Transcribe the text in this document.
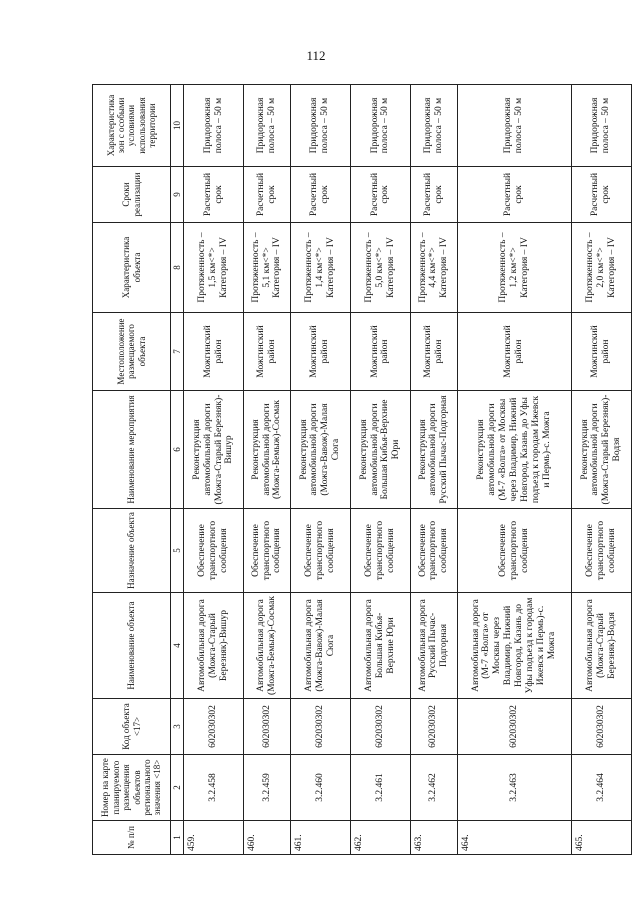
112
№ п/п	Номер на карте планируемого размещения объектов регионального значения <18>	Код объекта <17>	Наименование объекта	Назначение объекта	Наименование мероприятия	Местоположение размещаемого объекта	Характеристика объекта	Сроки реализации	Характеристика зон с особыми условиями использования территории
1	2	3	4	5	6	7	8	9	10
459.	3.2.458	602030302	Автомобильная дорога (Можга-Старый Березняк)-Вишур	Обеспечение транспортного сообщения	Реконструкция автомобильной дороги (Можга-Старый Березняк)-Вишур	Можгинский район	Протяженность – 1,5 км<*> Категория – IV	Расчетный срок	Придорожная полоса – 50 м
460.	3.2.459	602030302	Автомобильная дорога (Можга-Бемыж)-Сосмак	Обеспечение транспортного сообщения	Реконструкция автомобильной дороги (Можга-Бемыж)-Сосмак	Можгинский район	Протяженность – 5,1 км<*> Категория – IV	Расчетный срок	Придорожная полоса – 50 м
461.	3.2.460	602030302	Автомобильная дорога (Можга-Вавож)-Малая Сюга	Обеспечение транспортного сообщения	Реконструкция автомобильной дороги (Можга-Вавож)-Малая Сюга	Можгинский район	Протяженность – 1,4 км<*> Категория – IV	Расчетный срок	Придорожная полоса – 50 м
462.	3.2.461	602030302	Автомобильная дорога Большая Кибья-Верхние Юри	Обеспечение транспортного сообщения	Реконструкция автомобильной дороги Большая Кибья-Верхние Юри	Можгинский район	Протяженность – 5,0 км<*> Категория – IV	Расчетный срок	Придорожная полоса – 50 м
463.	3.2.462	602030302	Автомобильная дорога Русский Пычас-Подгорная	Обеспечение транспортного сообщения	Реконструкция автомобильной дороги Русский Пычас-Подгорная	Можгинский район	Протяженность – 4,4 км<*> Категория – IV	Расчетный срок	Придорожная полоса – 50 м
464.	3.2.463	602030302	Автомобильная дорога (М-7 «Волга» от Москвы через Владимир, Нижний Новгород, Казань до Уфы подъезд к городам Ижевск и Пермь)-с. Можга	Обеспечение транспортного сообщения	Реконструкция автомобильной дороги (М-7 «Волга» от Москвы через Владимир, Нижний Новгород, Казань до Уфы подъезд к городам Ижевск и Пермь)-с. Можга	Можгинский район	Протяженность – 1,2 км<*> Категория – IV	Расчетный срок	Придорожная полоса – 50 м
465.	3.2.464	602030302	Автомобильная дорога (Можга-Старый Березняк)-Водзя	Обеспечение транспортного сообщения	Реконструкция автомобильной дороги (Можга-Старый Березняк)-Водзя	Можгинский район	Протяженность – 2,0 км<*> Категория – IV	Расчетный срок	Придорожная полоса – 50 м
